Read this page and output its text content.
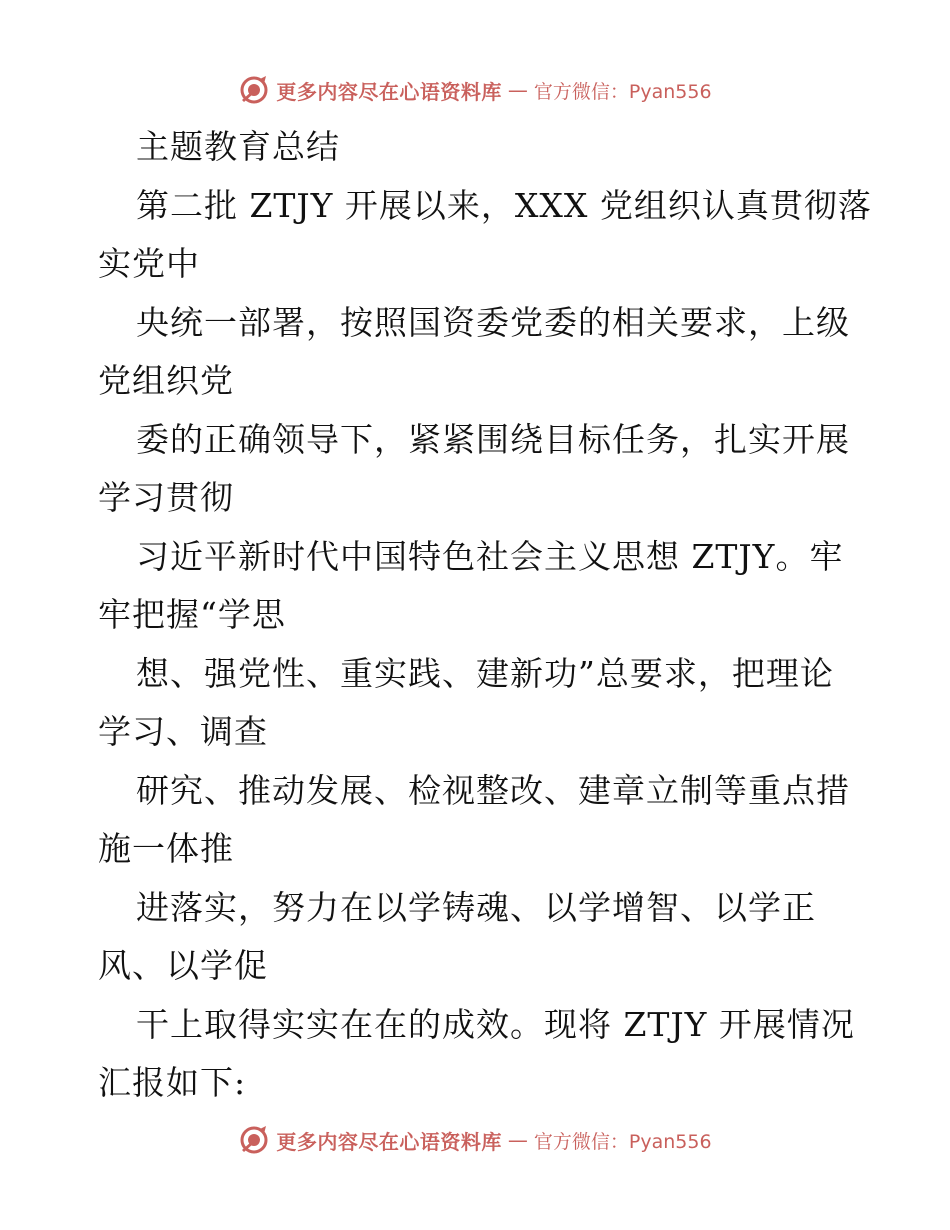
更多内容尽在心语资料库 — 官方微信：Pyan556
主题教育总结
第二批 ZTJY 开展以来，XXX 党组织认真贯彻落
实党中
央统一部署，按照国资委党委的相关要求，上级
党组织党
委的正确领导下，紧紧围绕目标任务，扎实开展
学习贯彻
习近平新时代中国特色社会主义思想 ZTJY。牢
牢把握“学思
想、强党性、重实践、建新功”总要求，把理论
学习、调查
研究、推动发展、检视整改、建章立制等重点措
施一体推
进落实，努力在以学铸魂、以学增智、以学正
风、以学促
干上取得实实在在的成效。现将 ZTJY 开展情况
汇报如下:
更多内容尽在心语资料库 — 官方微信：Pyan556
